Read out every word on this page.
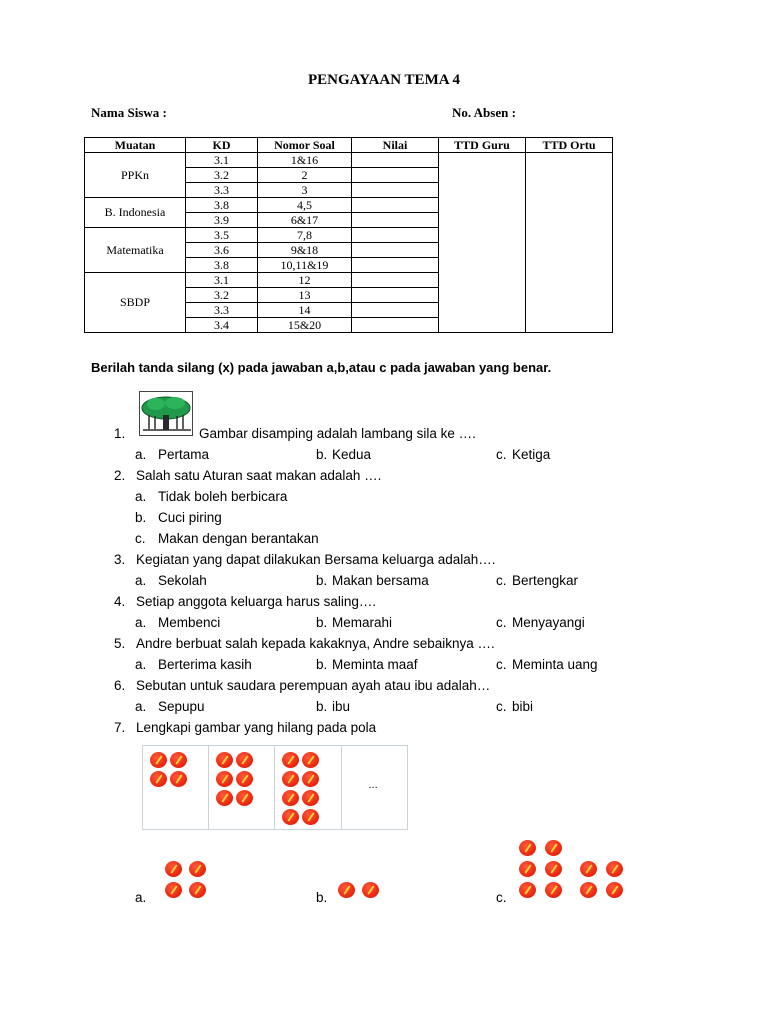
PENGAYAAN TEMA 4
Nama Siswa :	No. Absen :
Muatan	KD	Nomor Soal	Nilai	TTD Guru	TTD Ortu
PPKn	3.1	1&16			
	3.2	2			
	3.3	3			
B. Indonesia	3.8	4,5			
	3.9	6&17			
Matematika	3.5	7,8			
	3.6	9&18			
	3.8	10,11&19			
SBDP	3.1	12			
	3.2	13			
	3.3	14			
	3.4	15&20			
Berilah tanda silang (x) pada jawaban a,b,atau c pada jawaban yang benar.
1.	Gambar disamping adalah lambang sila ke ….
a. Pertama	b. Kedua	c. Ketiga
2. Salah satu Aturan saat makan adalah ….
a. Tidak boleh berbicara
b. Cuci piring
c. Makan dengan berantakan
3. Kegiatan yang dapat dilakukan Bersama keluarga adalah….
a. Sekolah	b. Makan bersama	c. Bertengkar
4. Setiap anggota keluarga harus saling….
a. Membenci	b. Memarahi	c. Menyayangi
5. Andre berbuat salah kepada kakaknya, Andre sebaiknya ….
a. Berterima kasih	b. Meminta maaf	c. Meminta uang
6. Sebutan untuk saudara perempuan ayah atau ibu adalah…
a. Sepupu	b. ibu	c. bibi
7. Lengkapi gambar yang hilang pada pola
...
a.	b.	c.
